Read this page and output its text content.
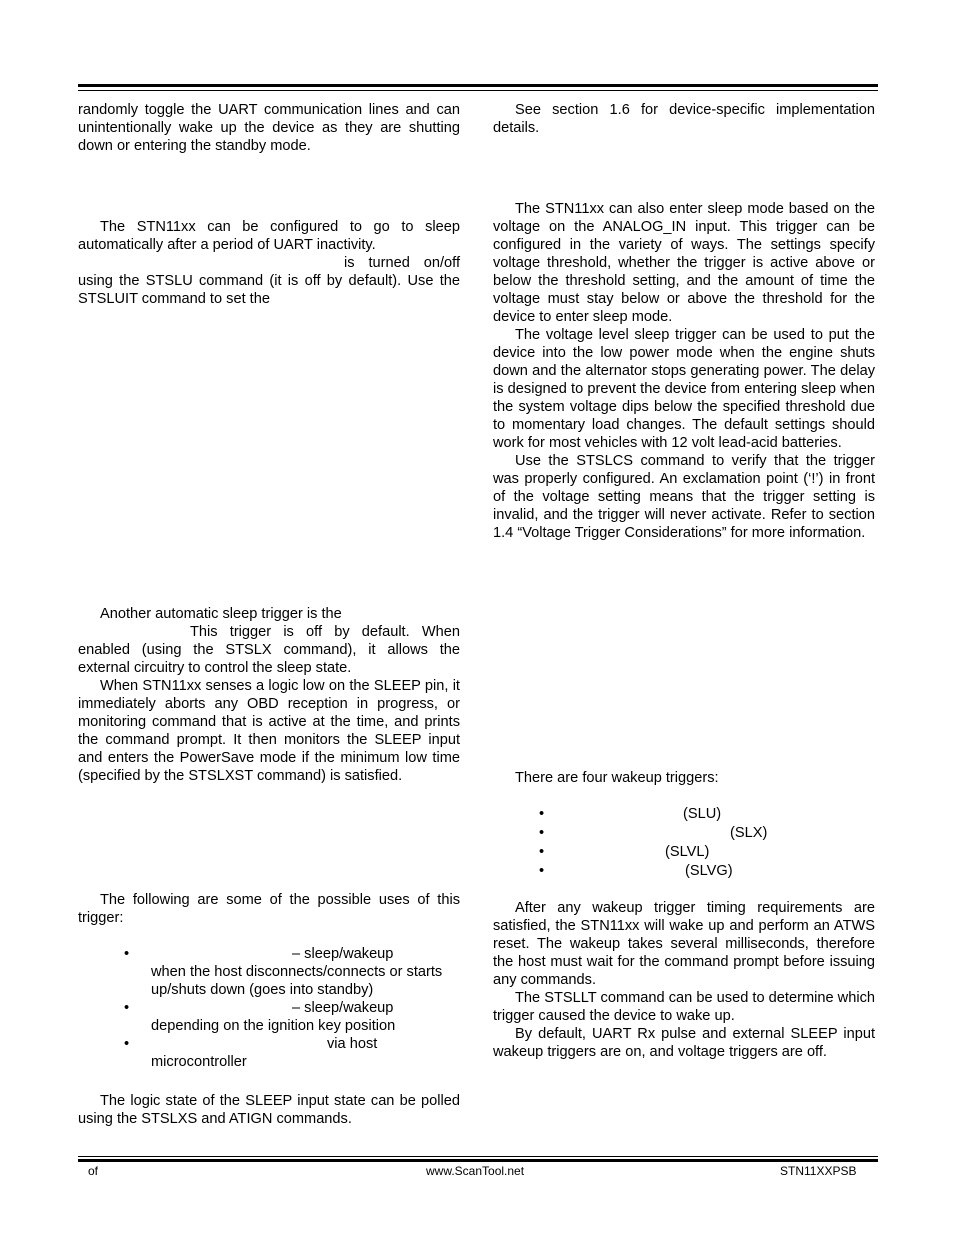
randomly toggle the UART communication lines and can unintentionally wake up the device as they are shutting down or entering the standby mode.

The STN11xx can be configured to go to sleep automatically after a period of UART inactivity.

is turned on/off using the STSLU command (it is off by default). Use the STSLUIT command to set the

Another automatic sleep trigger is the

This trigger is off by default. When enabled (using the STSLX command), it allows the external circuitry to control the sleep state.

When STN11xx senses a logic low on the SLEEP pin, it immediately aborts any OBD reception in progress, or monitoring command that is active at the time, and prints the command prompt. It then monitors the SLEEP input and enters the PowerSave mode if the minimum low time (specified by the STSLXST command) is satisfied.

The following are some of the possible uses of this trigger:

•	– sleep/wakeup
when the host disconnects/connects or starts up/shuts down (goes into standby)
•	– sleep/wakeup
depending on the ignition key position
•	via host
microcontroller

The logic state of the SLEEP input state can be polled using the STSLXS and ATIGN commands.

See section 1.6 for device-specific implementation details.

The STN11xx can also enter sleep mode based on the voltage on the ANALOG_IN input. This trigger can be configured in the variety of ways. The settings specify voltage threshold, whether the trigger is active above or below the threshold setting, and the amount of time the voltage must stay below or above the threshold for the device to enter sleep mode.

The voltage level sleep trigger can be used to put the device into the low power mode when the engine shuts down and the alternator stops generating power. The delay is designed to prevent the device from entering sleep when the system voltage dips below the specified threshold due to momentary load changes. The default settings should work for most vehicles with 12 volt lead-acid batteries.

Use the STSLCS command to verify that the trigger was properly configured. An exclamation point (‘!’) in front of the voltage setting means that the trigger setting is invalid, and the trigger will never activate. Refer to section 1.4 “Voltage Trigger Considerations” for more information.

There are four wakeup triggers:

•	(SLU)
•	(SLX)
•	(SLVL)
•	(SLVG)

After any wakeup trigger timing requirements are satisfied, the STN11xx will wake up and perform an ATWS reset. The wakeup takes several milliseconds, therefore the host must wait for the command prompt before issuing any commands.

The STSLLT command can be used to determine which trigger caused the device to wake up.

By default, UART Rx pulse and external SLEEP input wakeup triggers are on, and voltage triggers are off.

of	www.ScanTool.net	STN11XXPSB
